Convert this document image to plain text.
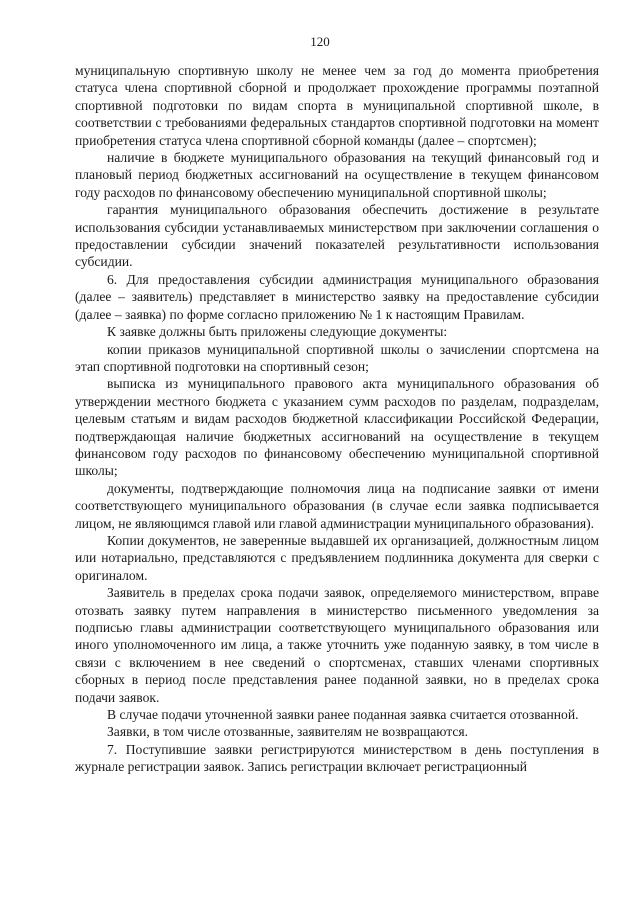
120

муниципальную спортивную школу не менее чем за год до момента приобретения статуса члена спортивной сборной и продолжает прохождение программы поэтапной спортивной подготовки по видам спорта в муниципальной спортивной школе, в соответствии с требованиями федеральных стандартов спортивной подготовки на момент приобретения статуса члена спортивной сборной команды (далее – спортсмен);

наличие в бюджете муниципального образования на текущий финансовый год и плановый период бюджетных ассигнований на осуществление в текущем финансовом году расходов по финансовому обеспечению муниципальной спортивной школы;

гарантия муниципального образования обеспечить достижение в результате использования субсидии устанавливаемых министерством при заключении соглашения о предоставлении субсидии значений показателей результативности использования субсидии.

6. Для предоставления субсидии администрация муниципального образования (далее – заявитель) представляет в министерство заявку на предоставление субсидии (далее – заявка) по форме согласно приложению № 1 к настоящим Правилам.

К заявке должны быть приложены следующие документы:

копии приказов муниципальной спортивной школы о зачислении спортсмена на этап спортивной подготовки на спортивный сезон;

выписка из муниципального правового акта муниципального образования об утверждении местного бюджета с указанием сумм расходов по разделам, подразделам, целевым статьям и видам расходов бюджетной классификации Российской Федерации, подтверждающая наличие бюджетных ассигнований на осуществление в текущем финансовом году расходов по финансовому обеспечению муниципальной спортивной школы;

документы, подтверждающие полномочия лица на подписание заявки от имени соответствующего муниципального образования (в случае если заявка подписывается лицом, не являющимся главой или главой администрации муниципального образования).

Копии документов, не заверенные выдавшей их организацией, должностным лицом или нотариально, представляются с предъявлением подлинника документа для сверки с оригиналом.

Заявитель в пределах срока подачи заявок, определяемого министерством, вправе отозвать заявку путем направления в министерство письменного уведомления за подписью главы администрации соответствующего муниципального образования или иного уполномоченного им лица, а также уточнить уже поданную заявку, в том числе в связи с включением в нее сведений о спортсменах, ставших членами спортивных сборных в период после представления ранее поданной заявки, но в пределах срока подачи заявок.

В случае подачи уточненной заявки ранее поданная заявка считается отозванной.

Заявки, в том числе отозванные, заявителям не возвращаются.

7. Поступившие заявки регистрируются министерством в день поступления в журнале регистрации заявок. Запись регистрации включает регистрационный
